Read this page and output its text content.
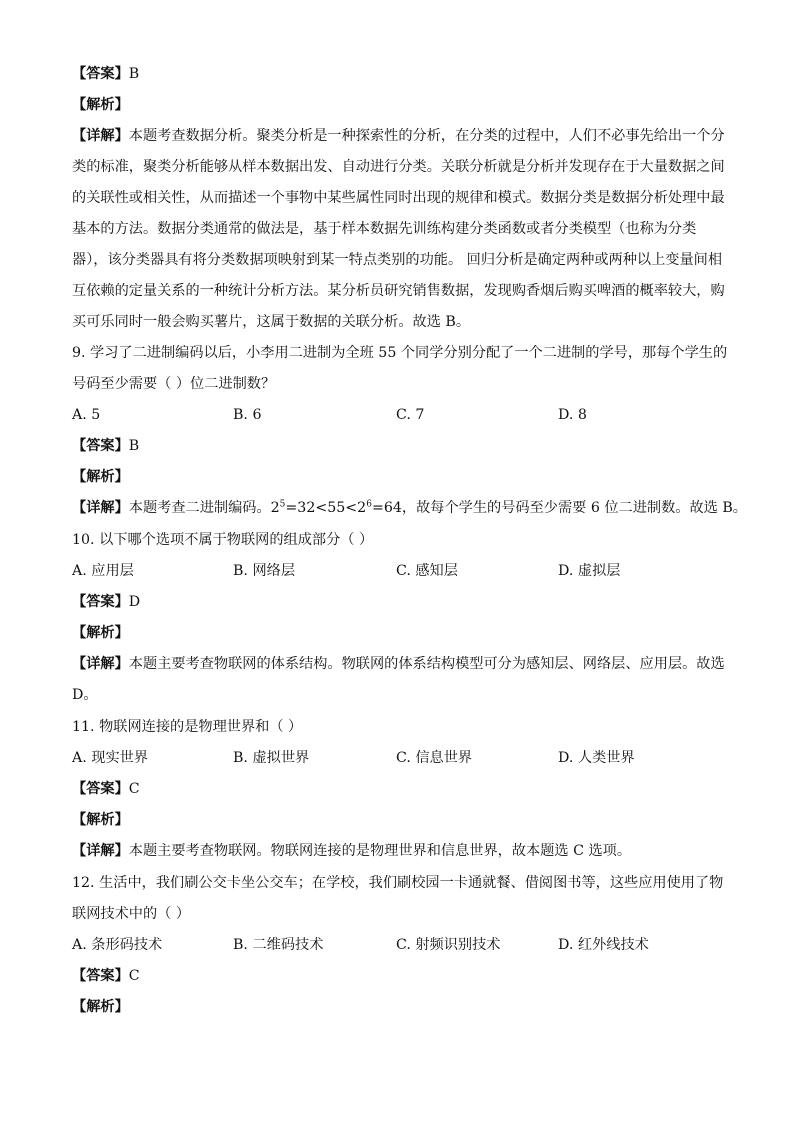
【答案】B
【解析】
【详解】本题考查数据分析。聚类分析是一种探索性的分析，在分类的过程中，人们不必事先给出一个分
类的标准，聚类分析能够从样本数据出发、自动进行分类。关联分析就是分析并发现存在于大量数据之间
的关联性或相关性，从而描述一个事物中某些属性同时出现的规律和模式。数据分类是数据分析处理中最
基本的方法。数据分类通常的做法是，基于样本数据先训练构建分类函数或者分类模型（也称为分类
器），该分类器具有将分类数据项映射到某一特点类别的功能。 回归分析是确定两种或两种以上变量间相
互依赖的定量关系的一种统计分析方法。某分析员研究销售数据，发现购香烟后购买啤酒的概率较大，购
买可乐同时一般会购买薯片，这属于数据的关联分析。故选 B。
9. 学习了二进制编码以后，小李用二进制为全班 55 个同学分别分配了一个二进制的学号，那每个学生的
号码至少需要（ ）位二进制数？
A. 5	B. 6	C. 7	D. 8
【答案】B
【解析】
【详解】本题考查二进制编码。$2^5=32<55<2^6=64$，故每个学生的号码至少需要 6 位二进制数。故选 B。
10. 以下哪个选项不属于物联网的组成部分（ ）
A. 应用层	B. 网络层	C. 感知层	D. 虚拟层
【答案】D
【解析】
【详解】本题主要考查物联网的体系结构。物联网的体系结构模型可分为感知层、网络层、应用层。故选
D。
11. 物联网连接的是物理世界和（ ）
A. 现实世界	B. 虚拟世界	C. 信息世界	D. 人类世界
【答案】C
【解析】
【详解】本题主要考查物联网。物联网连接的是物理世界和信息世界，故本题选 C 选项。
12. 生活中，我们刷公交卡坐公交车；在学校，我们刷校园一卡通就餐、借阅图书等，这些应用使用了物
联网技术中的（ ）
A. 条形码技术	B. 二维码技术	C. 射频识别技术	D. 红外线技术
【答案】C
【解析】
